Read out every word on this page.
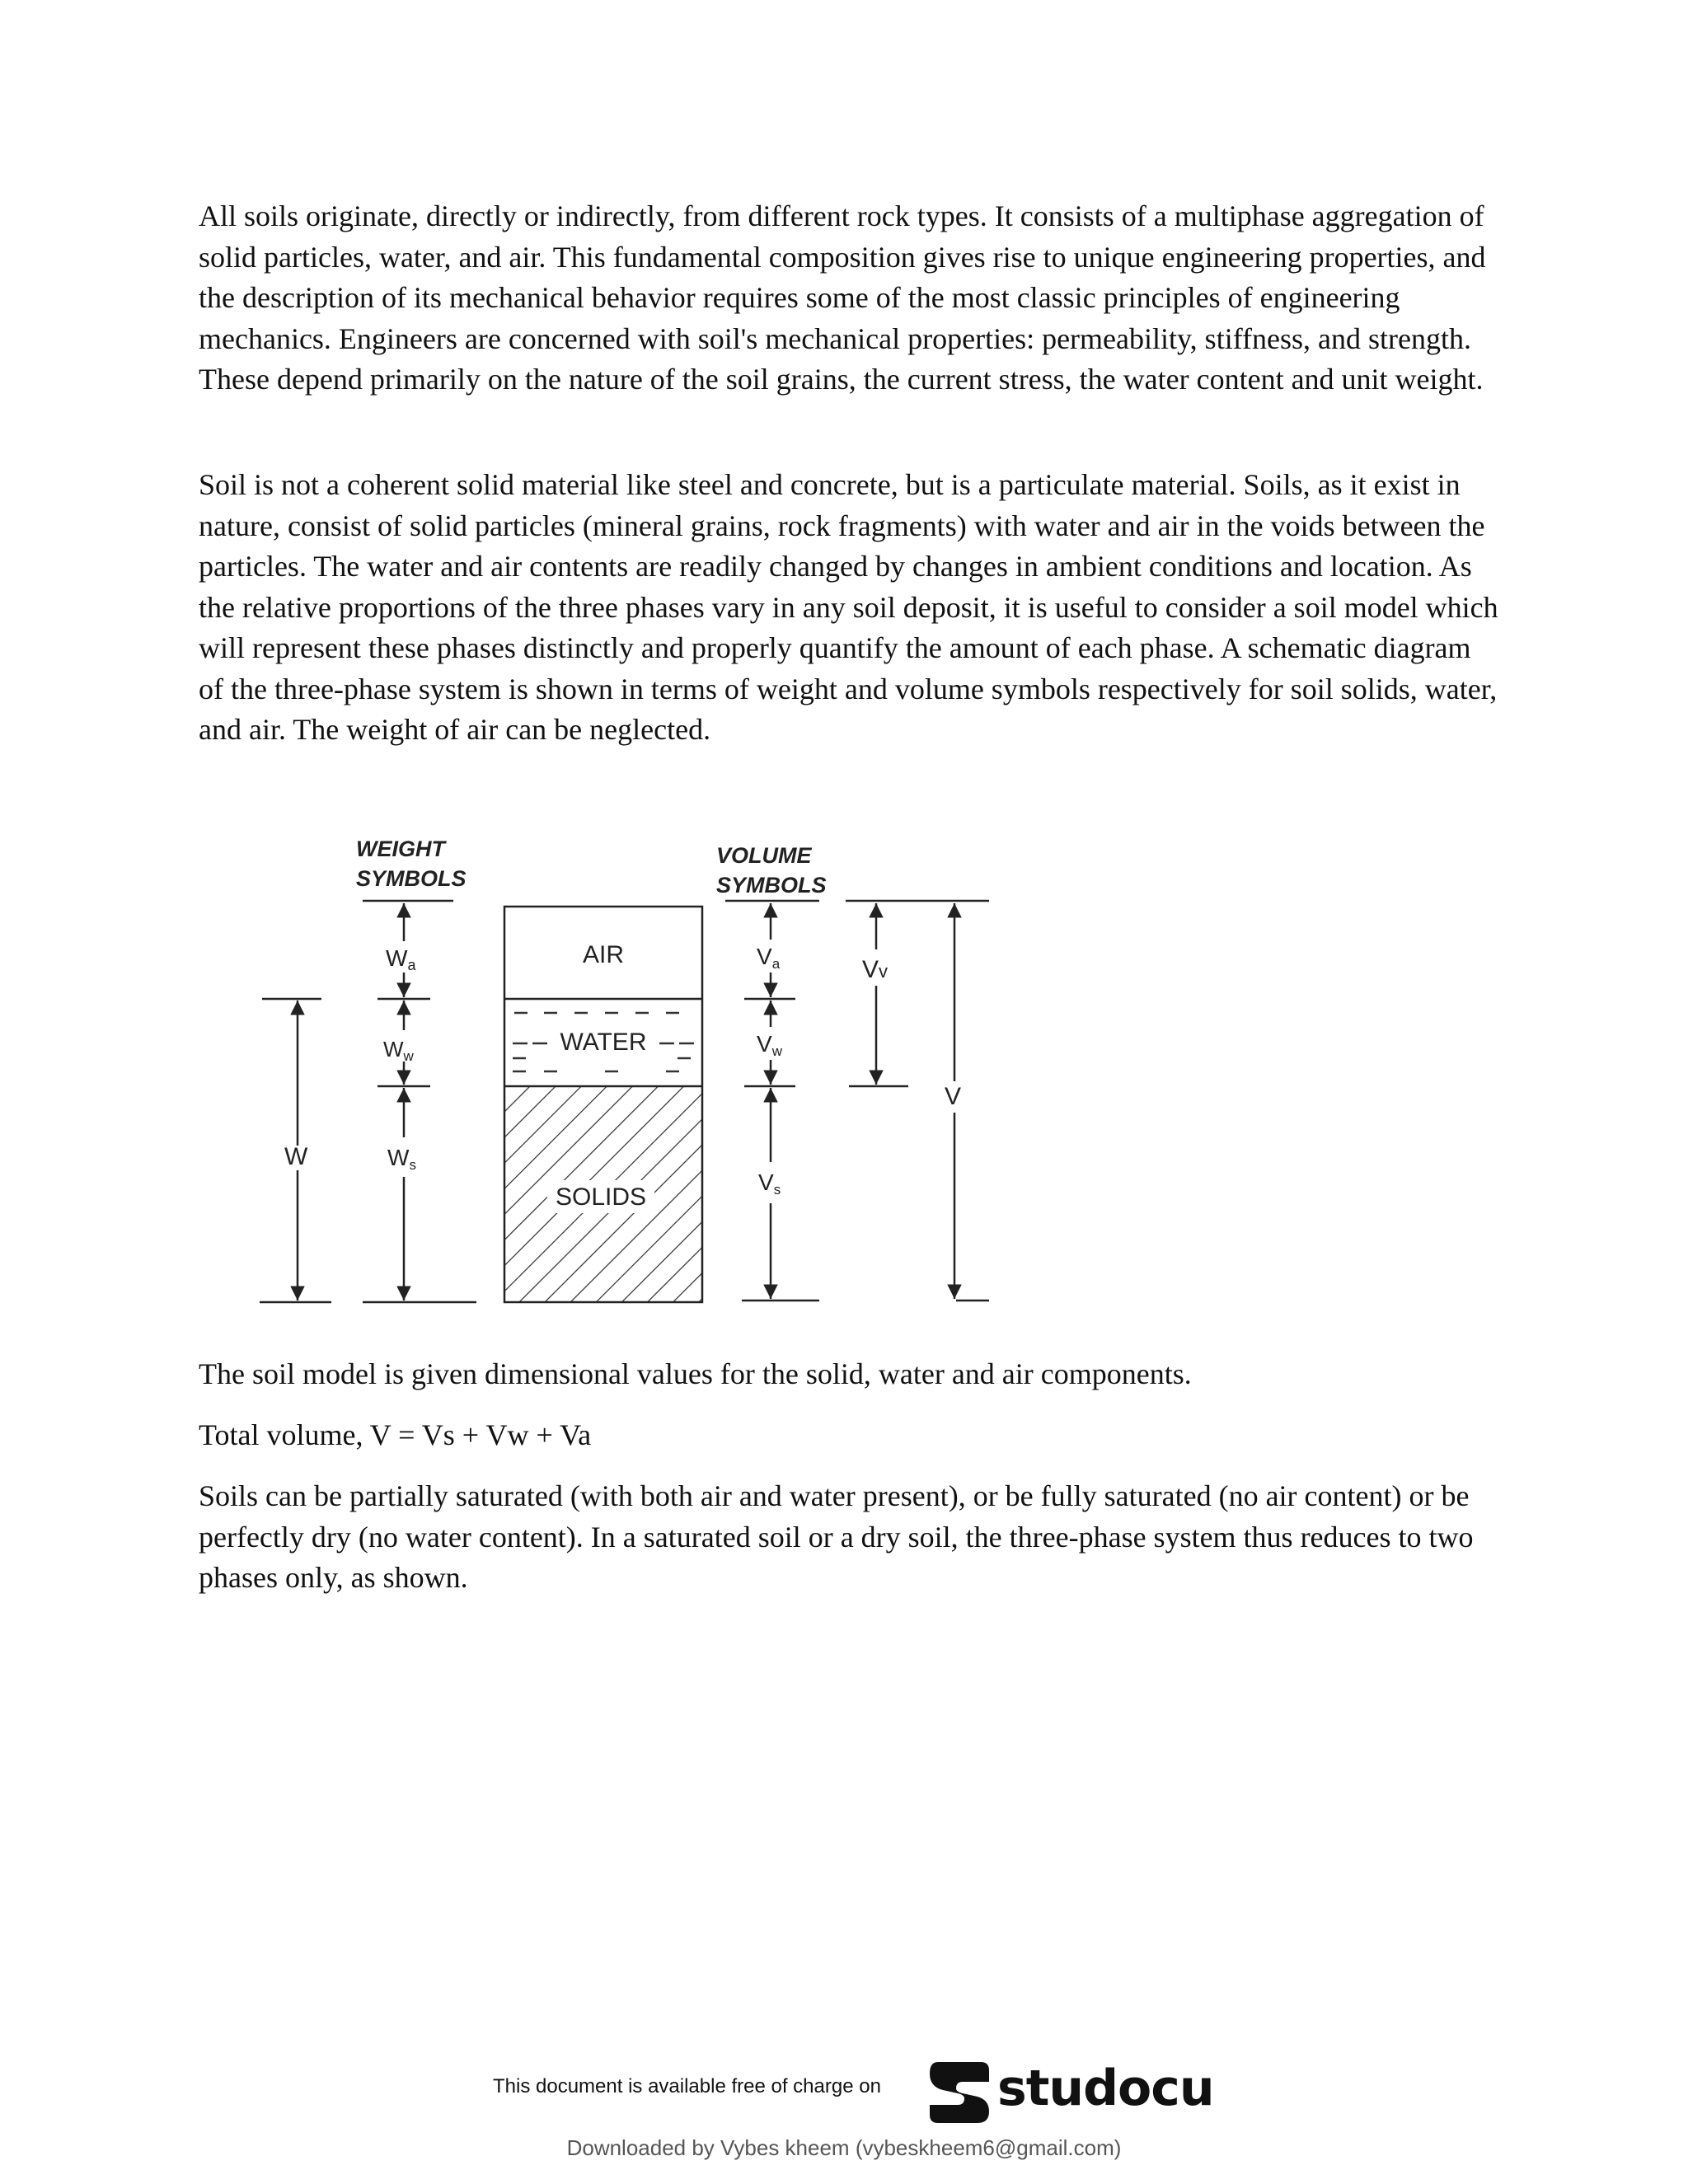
All soils originate, directly or indirectly, from different rock types. It consists of a multiphase aggregation of solid particles, water, and air. This fundamental composition gives rise to unique engineering properties, and the description of its mechanical behavior requires some of the most classic principles of engineering mechanics. Engineers are concerned with soil's mechanical properties: permeability, stiffness, and strength. These depend primarily on the nature of the soil grains, the current stress, the water content and unit weight.

Soil is not a coherent solid material like steel and concrete, but is a particulate material. Soils, as it exist in nature, consist of solid particles (mineral grains, rock fragments) with water and air in the voids between the particles. The water and air contents are readily changed by changes in ambient conditions and location. As the relative proportions of the three phases vary in any soil deposit, it is useful to consider a soil model which will represent these phases distinctly and properly quantify the amount of each phase. A schematic diagram of the three-phase system is shown in terms of weight and volume symbols respectively for soil solids, water, and air. The weight of air can be neglected.

WEIGHT
SYMBOLS
VOLUME
SYMBOLS
AIR
WATER
SOLIDS
W
Wa
Ww
Ws
Va
Vw
Vs
Vv
V

The soil model is given dimensional values for the solid, water and air components.

Total volume, V = Vs + Vw + Va

Soils can be partially saturated (with both air and water present), or be fully saturated (no air content) or be perfectly dry (no water content). In a saturated soil or a dry soil, the three-phase system thus reduces to two phases only, as shown.

This document is available free of charge on studocu
Downloaded by Vybes kheem (vybeskheem6@gmail.com)
